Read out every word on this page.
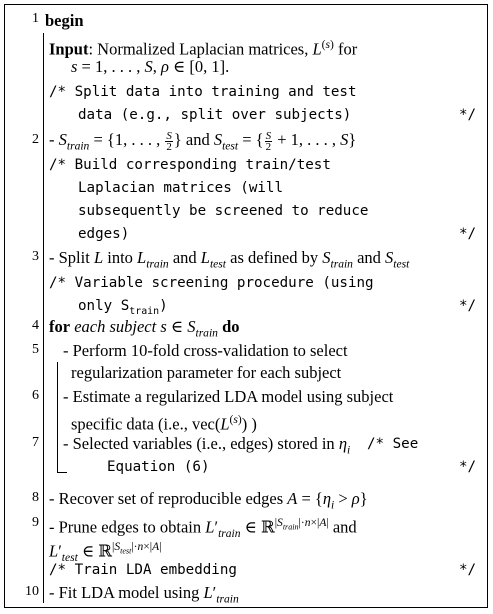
1
2
3
4
5
6
7
8
9
10
begin
Input: Normalized Laplacian matrices, $L^{(s)}$ for
s = 1, . . . , S, ρ ∈ [0, 1].
/* Split data into training and test
data (e.g., split over subjects)	*/
- $S_{train} = \{1$, . . . , $\frac{S}{2}$ } and $S_{test}$ = { $\frac{S}{2} + 1$, . . . , S}
/* Build corresponding train/test
Laplacian matrices (will
subsequently be screened to reduce
edges)	*/
- Split L into $L_{train}$ and $L_{test}$ as defined by $S_{train}$ and $S_{test}$
/* Variable screening procedure (using
only $S_{train}$)	*/
for each subject s ∈ $S_{train}$ do
- Perform 10-fold cross-validation to select
regularization parameter for each subject
- Estimate a regularized LDA model using subject
specific data (i.e., $vec(L^{(s)})$ )
- Selected variables (i.e., edges) stored in $\eta_i$ /* See
Equation (6)	*/
- Recover set of reproducible edges $A = \{\eta_i > \rho\}$
- Prune edges to obtain $L'_{train}$ ∈ ℝ$^{|S_{train}|\cdot n\times|A|}$ and
$L'_{test}$ ∈ ℝ$^{|S_{test}|\cdot n\times|A|}$
/* Train LDA embedding	*/
- Fit LDA model using $L'_{train}$
